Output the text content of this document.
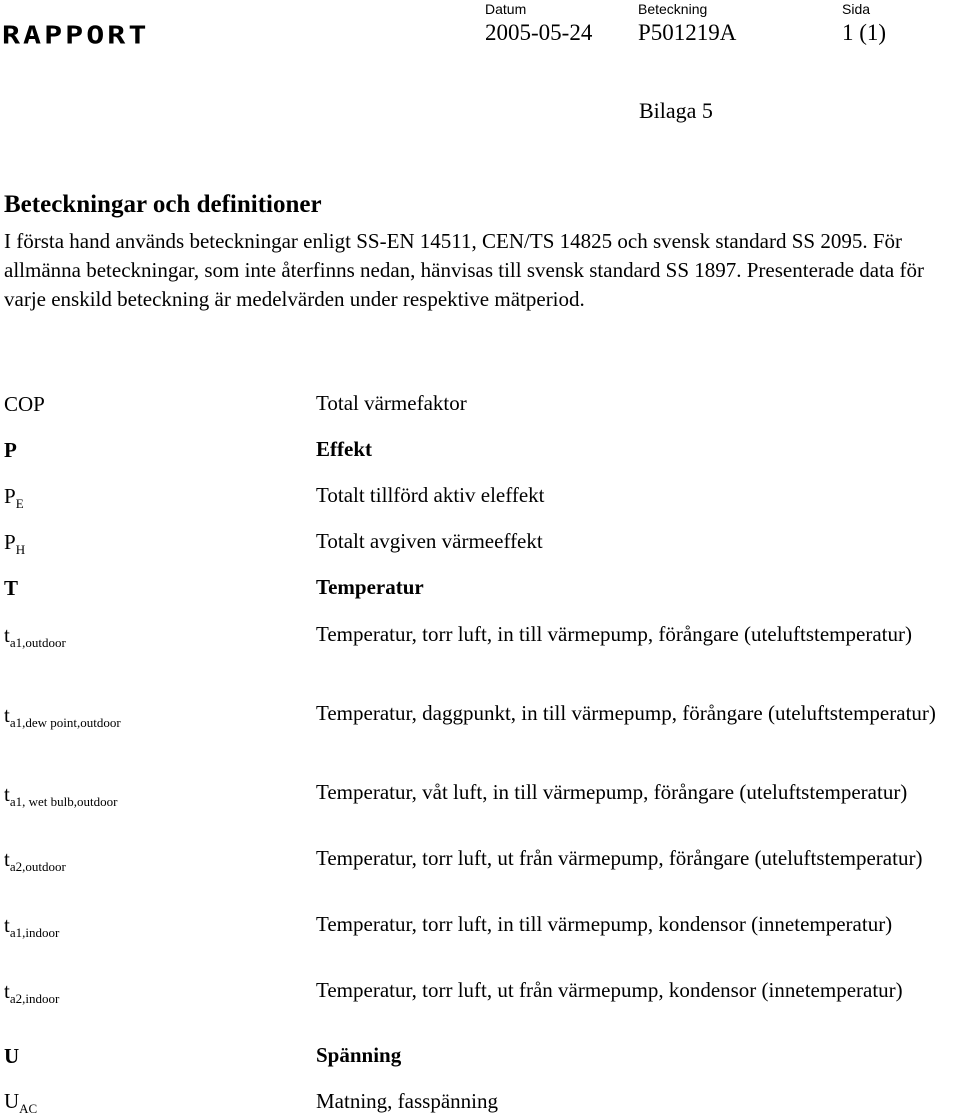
RAPPORT
Datum
2005-05-24
Beteckning
P501219A
Sida
1 (1)
Bilaga 5
Beteckningar och definitioner
I första hand används beteckningar enligt SS-EN 14511, CEN/TS 14825 och svensk standard SS 2095. För allmänna beteckningar, som inte återfinns nedan, hänvisas till svensk standard SS 1897. Presenterade data för varje enskild beteckning är medelvärden under respektive mätperiod.
COP	Total värmefaktor
P	Effekt
$P_E$	Totalt tillförd aktiv eleffekt
$P_H$	Totalt avgiven värmeeffekt
T	Temperatur
$t_{a1,outdoor}$	Temperatur, torr luft, in till värmepump, förångare (uteluftstemperatur)
$t_{a1,dew point,outdoor}$	Temperatur, daggpunkt, in till värmepump, förångare (uteluftstemperatur)
$t_{a1, wet bulb,outdoor}$	Temperatur, våt luft, in till värmepump, förångare (uteluftstemperatur)
$t_{a2,outdoor}$	Temperatur, torr luft, ut från värmepump, förångare (uteluftstemperatur)
$t_{a1,indoor}$	Temperatur, torr luft, in till värmepump, kondensor (innetemperatur)
$t_{a2,indoor}$	Temperatur, torr luft, ut från värmepump, kondensor (innetemperatur)
U	Spänning
$U_{AC}$	Matning, fasspänning
